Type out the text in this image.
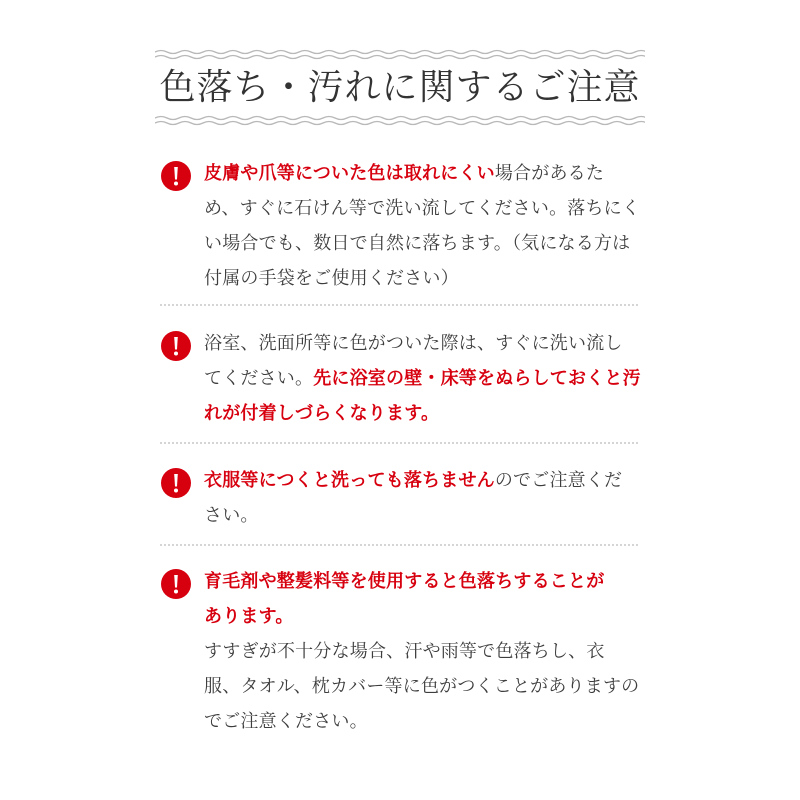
色落ち・汚れに関するご注意
皮膚や爪等についた色は取れにくい場合があるた
め、すぐに石けん等で洗い流してください。落ちにく
い場合でも、数日で自然に落ちます。（気になる方は
付属の手袋をご使用ください）
浴室、洗面所等に色がついた際は、すぐに洗い流し
てください。先に浴室の壁・床等をぬらしておくと汚
れが付着しづらくなります。
衣服等につくと洗っても落ちませんのでご注意くだ
さい。
育毛剤や整髪料等を使用すると色落ちすることが
あります。
すすぎが不十分な場合、汗や雨等で色落ちし、衣
服、タオル、枕カバー等に色がつくことがありますの
でご注意ください。
